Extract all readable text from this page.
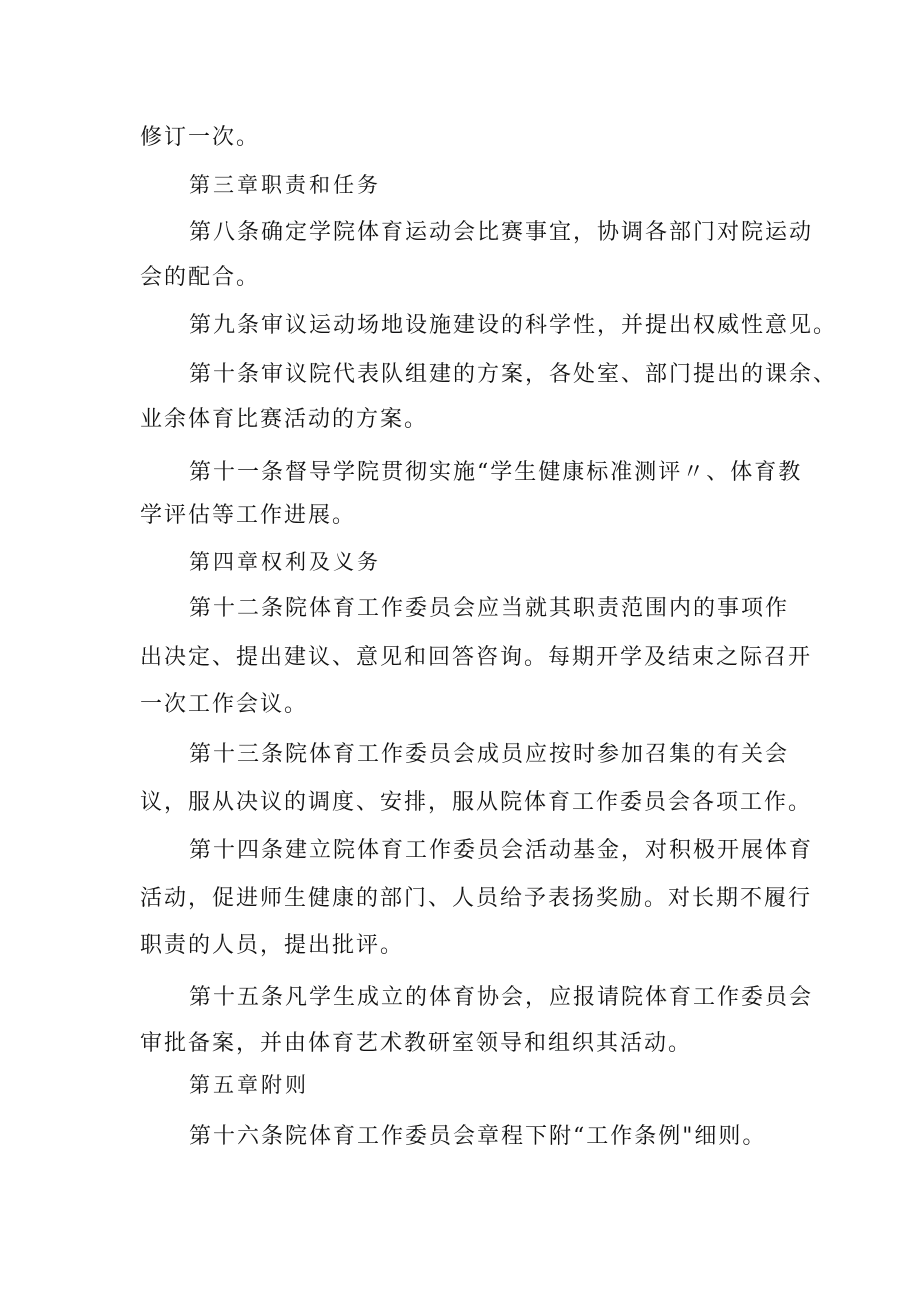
修订一次。

第三章职责和任务

第八条确定学院体育运动会比赛事宜，协调各部门对院运动

会的配合。

第九条审议运动场地设施建设的科学性，并提出权威性意见。

第十条审议院代表队组建的方案，各处室、部门提出的课余、

业余体育比赛活动的方案。

第十一条督导学院贯彻实施“学生健康标准测评〃、体育教

学评估等工作进展。

第四章权利及义务

第十二条院体育工作委员会应当就其职责范围内的事项作

出决定、提出建议、意见和回答咨询。每期开学及结束之际召开

一次工作会议。

第十三条院体育工作委员会成员应按时参加召集的有关会

议，服从决议的调度、安排，服从院体育工作委员会各项工作。

第十四条建立院体育工作委员会活动基金，对积极开展体育

活动，促进师生健康的部门、人员给予表扬奖励。对长期不履行

职责的人员，提出批评。

第十五条凡学生成立的体育协会，应报请院体育工作委员会

审批备案，并由体育艺术教研室领导和组织其活动。

第五章附则

第十六条院体育工作委员会章程下附“工作条例"细则。
